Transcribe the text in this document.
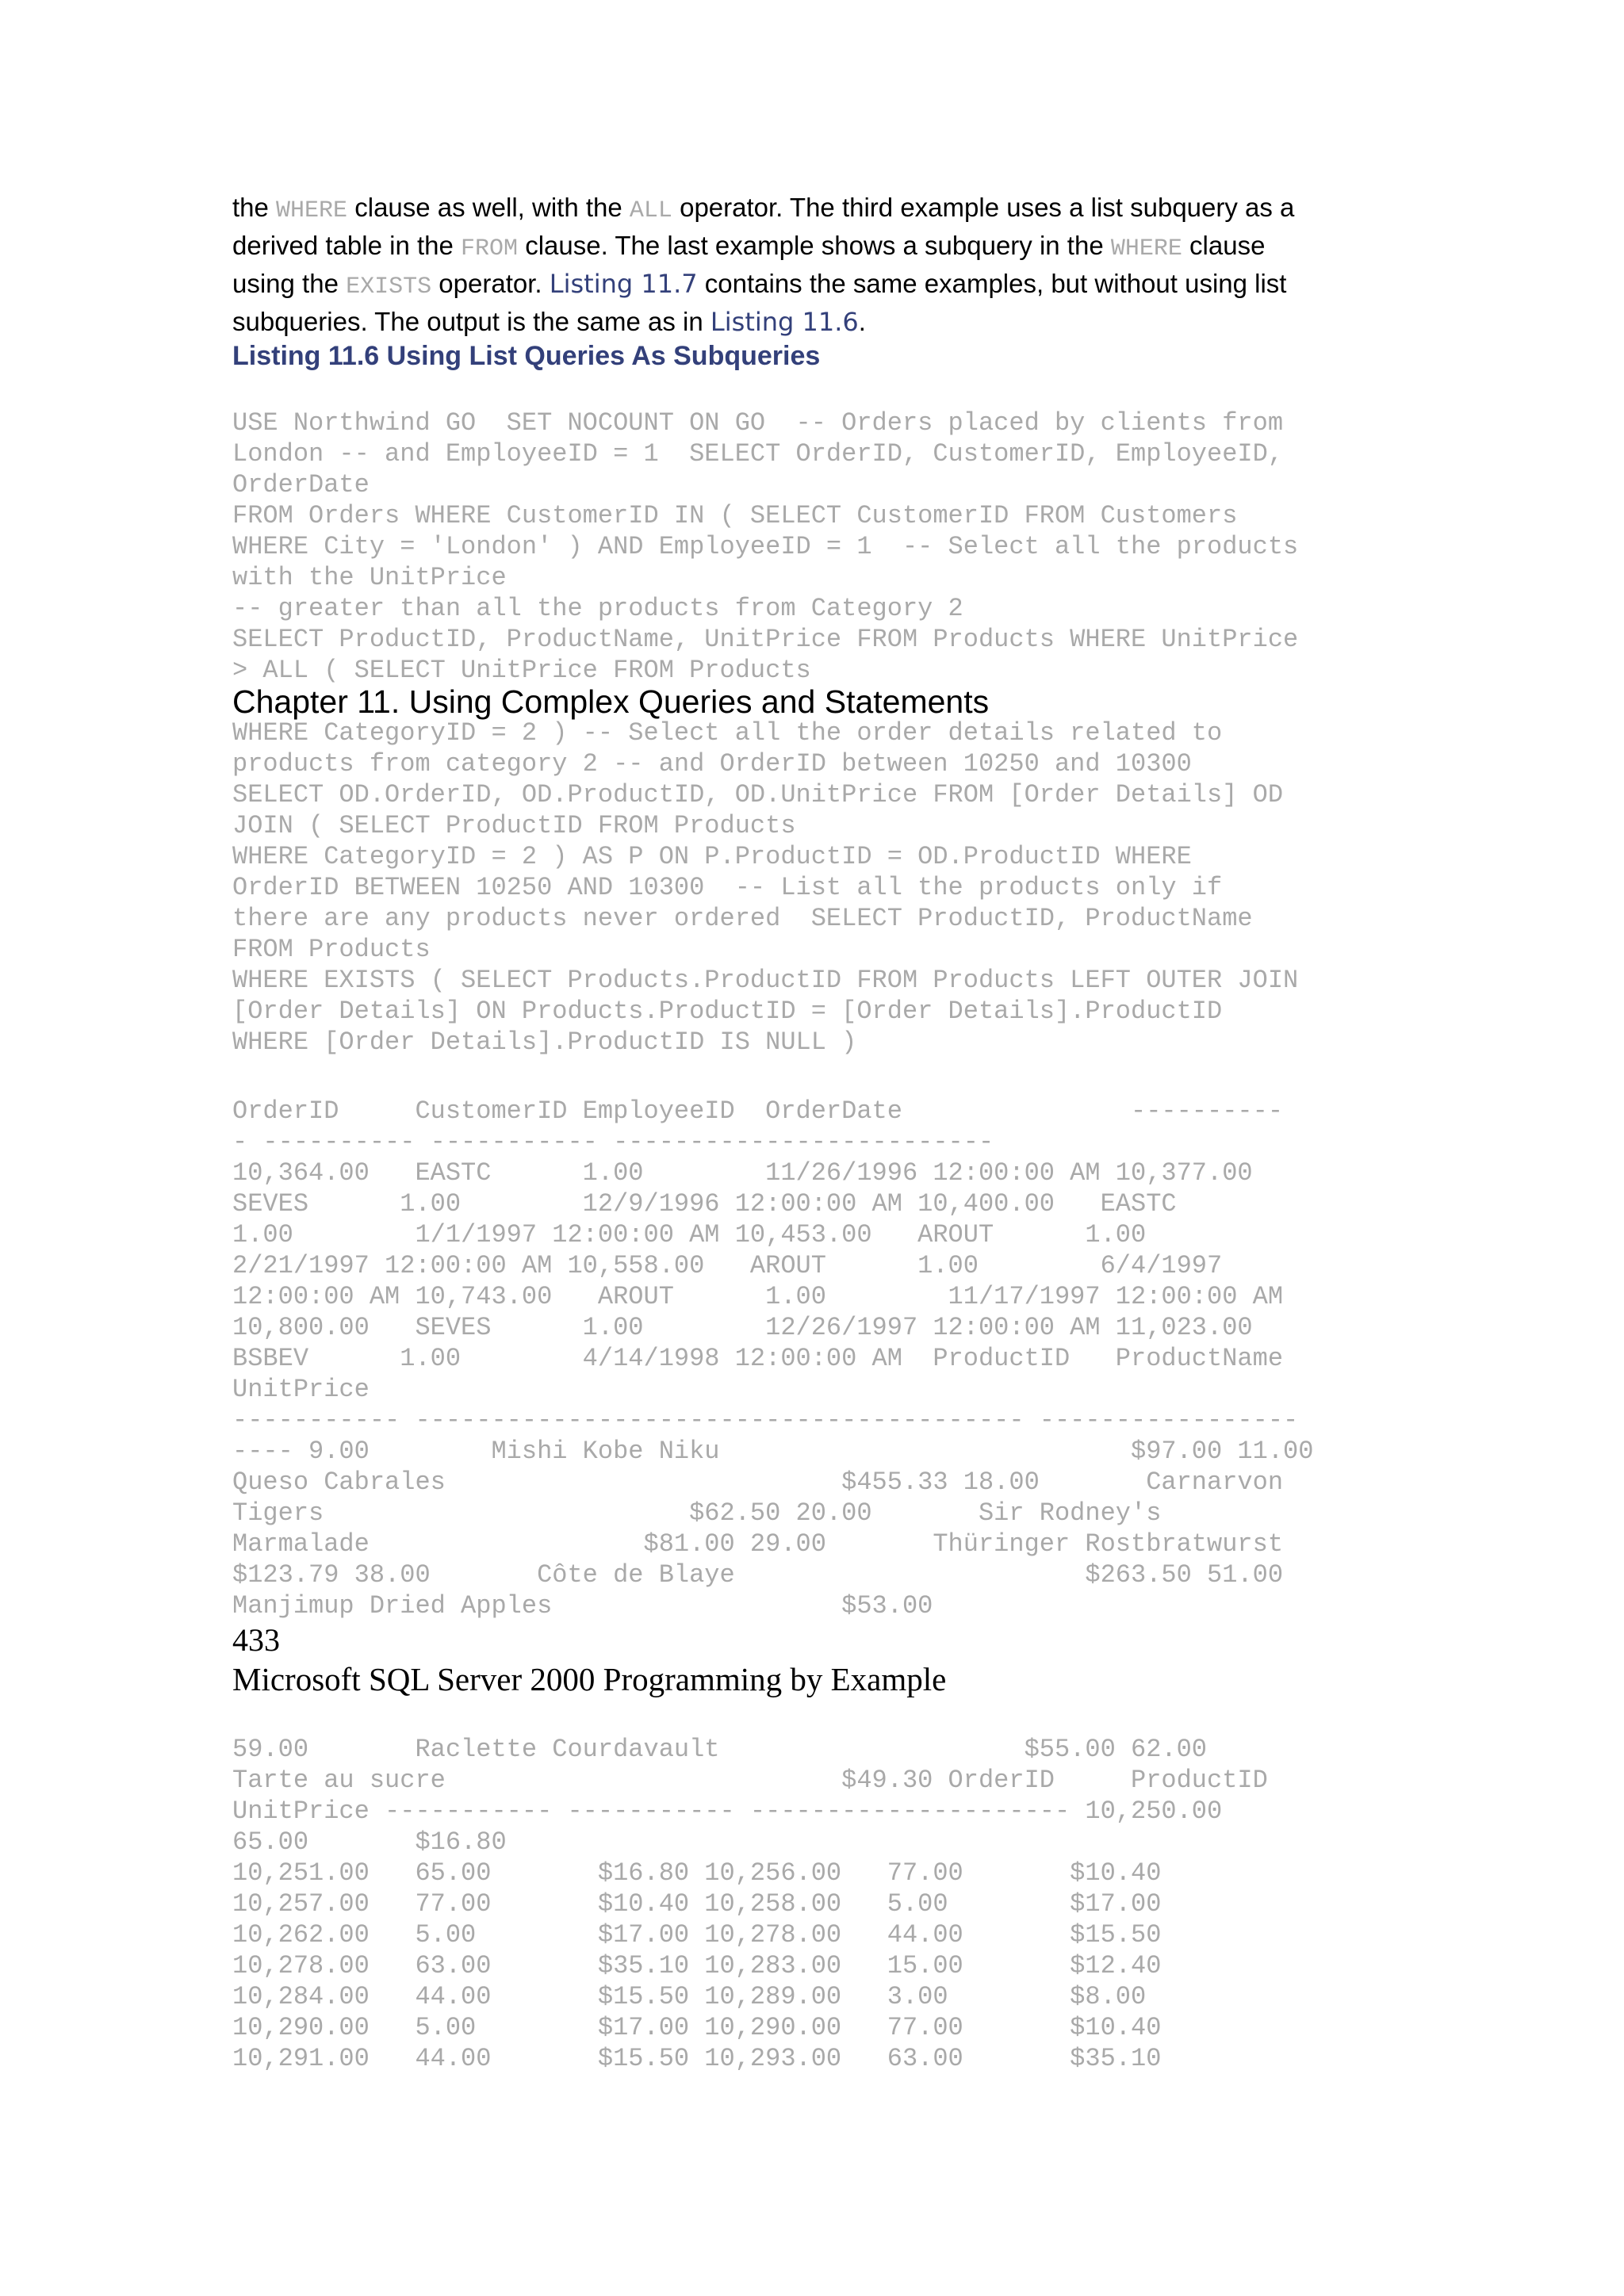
the WHERE clause as well, with the ALL operator. The third example uses a list subquery as a
derived table in the FROM clause. The last example shows a subquery in the WHERE clause
using the EXISTS operator. Listing 11.7 contains the same examples, but without using list
subqueries. The output is the same as in Listing 11.6.

Listing 11.6 Using List Queries As Subqueries

USE Northwind GO  SET NOCOUNT ON GO  -- Orders placed by clients from
London -- and EmployeeID = 1  SELECT OrderID, CustomerID, EmployeeID,
OrderDate
FROM Orders WHERE CustomerID IN ( SELECT CustomerID FROM Customers
WHERE City = 'London' ) AND EmployeeID = 1  -- Select all the products
with the UnitPrice
-- greater than all the products from Category 2
SELECT ProductID, ProductName, UnitPrice FROM Products WHERE UnitPrice
> ALL ( SELECT UnitPrice FROM Products

Chapter 11. Using Complex Queries and Statements

WHERE CategoryID = 2 ) -- Select all the order details related to
products from category 2 -- and OrderID between 10250 and 10300
SELECT OD.OrderID, OD.ProductID, OD.UnitPrice FROM [Order Details] OD
JOIN ( SELECT ProductID FROM Products
WHERE CategoryID = 2 ) AS P ON P.ProductID = OD.ProductID WHERE
OrderID BETWEEN 10250 AND 10300  -- List all the products only if
there are any products never ordered  SELECT ProductID, ProductName
FROM Products
WHERE EXISTS ( SELECT Products.ProductID FROM Products LEFT OUTER JOIN
[Order Details] ON Products.ProductID = [Order Details].ProductID
WHERE [Order Details].ProductID IS NULL )
OrderID     CustomerID EmployeeID  OrderDate               ----------
- ---------- ----------- -------------------------
10,364.00   EASTC      1.00        11/26/1996 12:00:00 AM 10,377.00
SEVES      1.00        12/9/1996 12:00:00 AM 10,400.00   EASTC
1.00        1/1/1997 12:00:00 AM 10,453.00   AROUT      1.00
2/21/1997 12:00:00 AM 10,558.00   AROUT      1.00        6/4/1997
12:00:00 AM 10,743.00   AROUT      1.00        11/17/1997 12:00:00 AM
10,800.00   SEVES      1.00        12/26/1997 12:00:00 AM 11,023.00
BSBEV      1.00        4/14/1998 12:00:00 AM  ProductID   ProductName
UnitPrice
----------- ---------------------------------------- -----------------
---- 9.00        Mishi Kobe Niku                           $97.00 11.00
Queso Cabrales                          $455.33 18.00       Carnarvon
Tigers                        $62.50 20.00       Sir Rodney's
Marmalade                  $81.00 29.00       Thüringer Rostbratwurst
$123.79 38.00       Côte de Blaye                       $263.50 51.00
Manjimup Dried Apples                   $53.00

433

Microsoft SQL Server 2000 Programming by Example

59.00       Raclette Courdavault                    $55.00 62.00
Tarte au sucre                          $49.30 OrderID     ProductID
UnitPrice ----------- ----------- --------------------- 10,250.00
65.00       $16.80
10,251.00   65.00       $16.80 10,256.00   77.00       $10.40
10,257.00   77.00       $10.40 10,258.00   5.00        $17.00
10,262.00   5.00        $17.00 10,278.00   44.00       $15.50
10,278.00   63.00       $35.10 10,283.00   15.00       $12.40
10,284.00   44.00       $15.50 10,289.00   3.00        $8.00
10,290.00   5.00        $17.00 10,290.00   77.00       $10.40
10,291.00   44.00       $15.50 10,293.00   63.00       $35.10
